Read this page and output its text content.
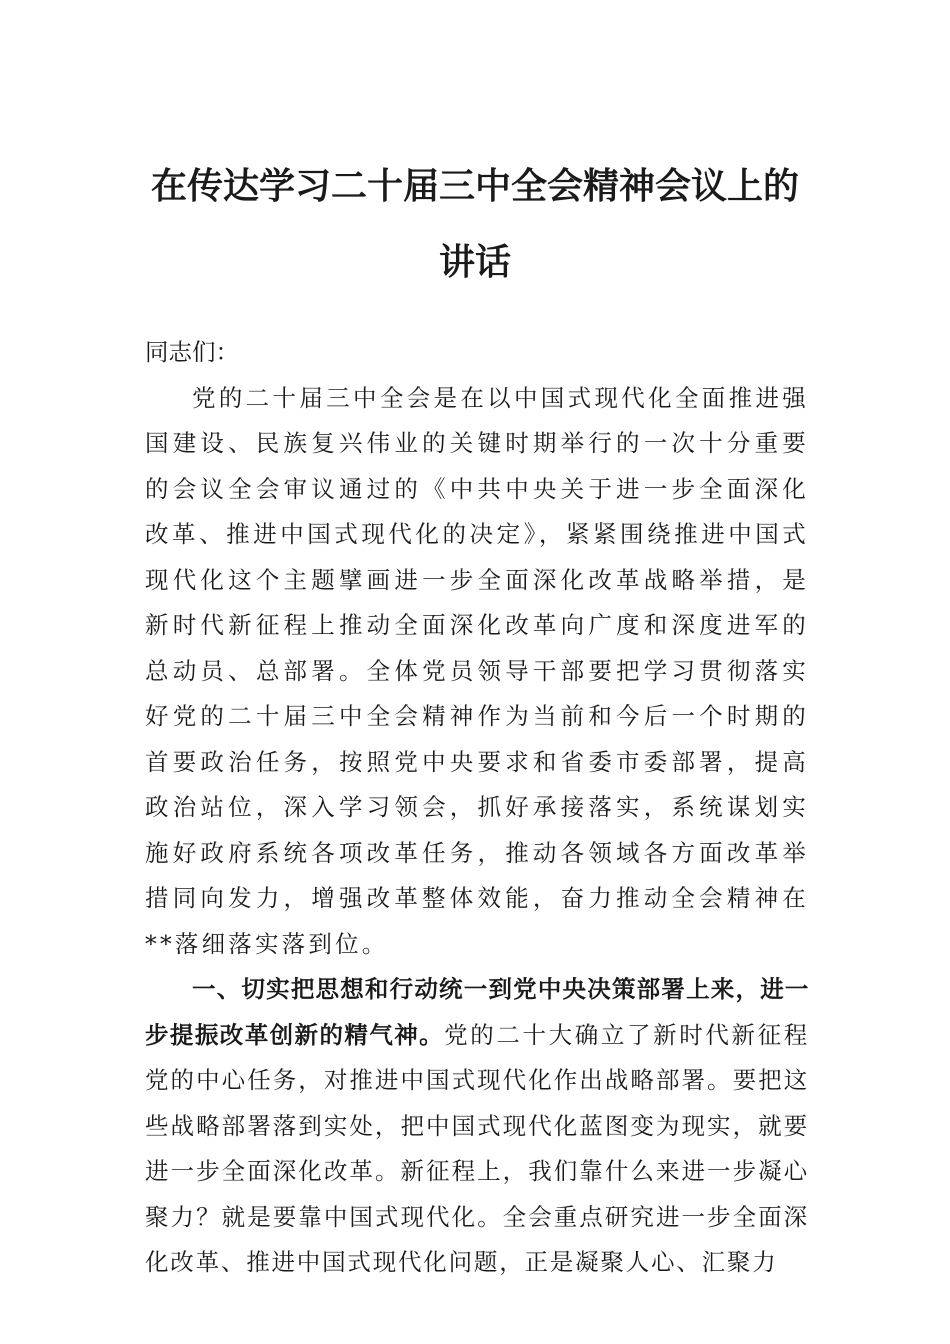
在传达学习二十届三中全会精神会议上的
讲话

同志们：

党的二十届三中全会是在以中国式现代化全面推进强国建设、民族复兴伟业的关键时期举行的一次十分重要的会议全会审议通过的《中共中央关于进一步全面深化改革、推进中国式现代化的决定》，紧紧围绕推进中国式现代化这个主题擘画进一步全面深化改革战略举措，是新时代新征程上推动全面深化改革向广度和深度进军的总动员、总部署。全体党员领导干部要把学习贯彻落实好党的二十届三中全会精神作为当前和今后一个时期的首要政治任务，按照党中央要求和省委市委部署，提高政治站位，深入学习领会，抓好承接落实，系统谋划实施好政府系统各项改革任务，推动各领域各方面改革举措同向发力，增强改革整体效能，奋力推动全会精神在**落细落实落到位。

一、切实把思想和行动统一到党中央决策部署上来，进一步提振改革创新的精气神。党的二十大确立了新时代新征程党的中心任务，对推进中国式现代化作出战略部署。要把这些战略部署落到实处，把中国式现代化蓝图变为现实，就要进一步全面深化改革。新征程上，我们靠什么来进一步凝心聚力？就是要靠中国式现代化。全会重点研究进一步全面深化改革、推进中国式现代化问题，正是凝聚人心、汇聚力
